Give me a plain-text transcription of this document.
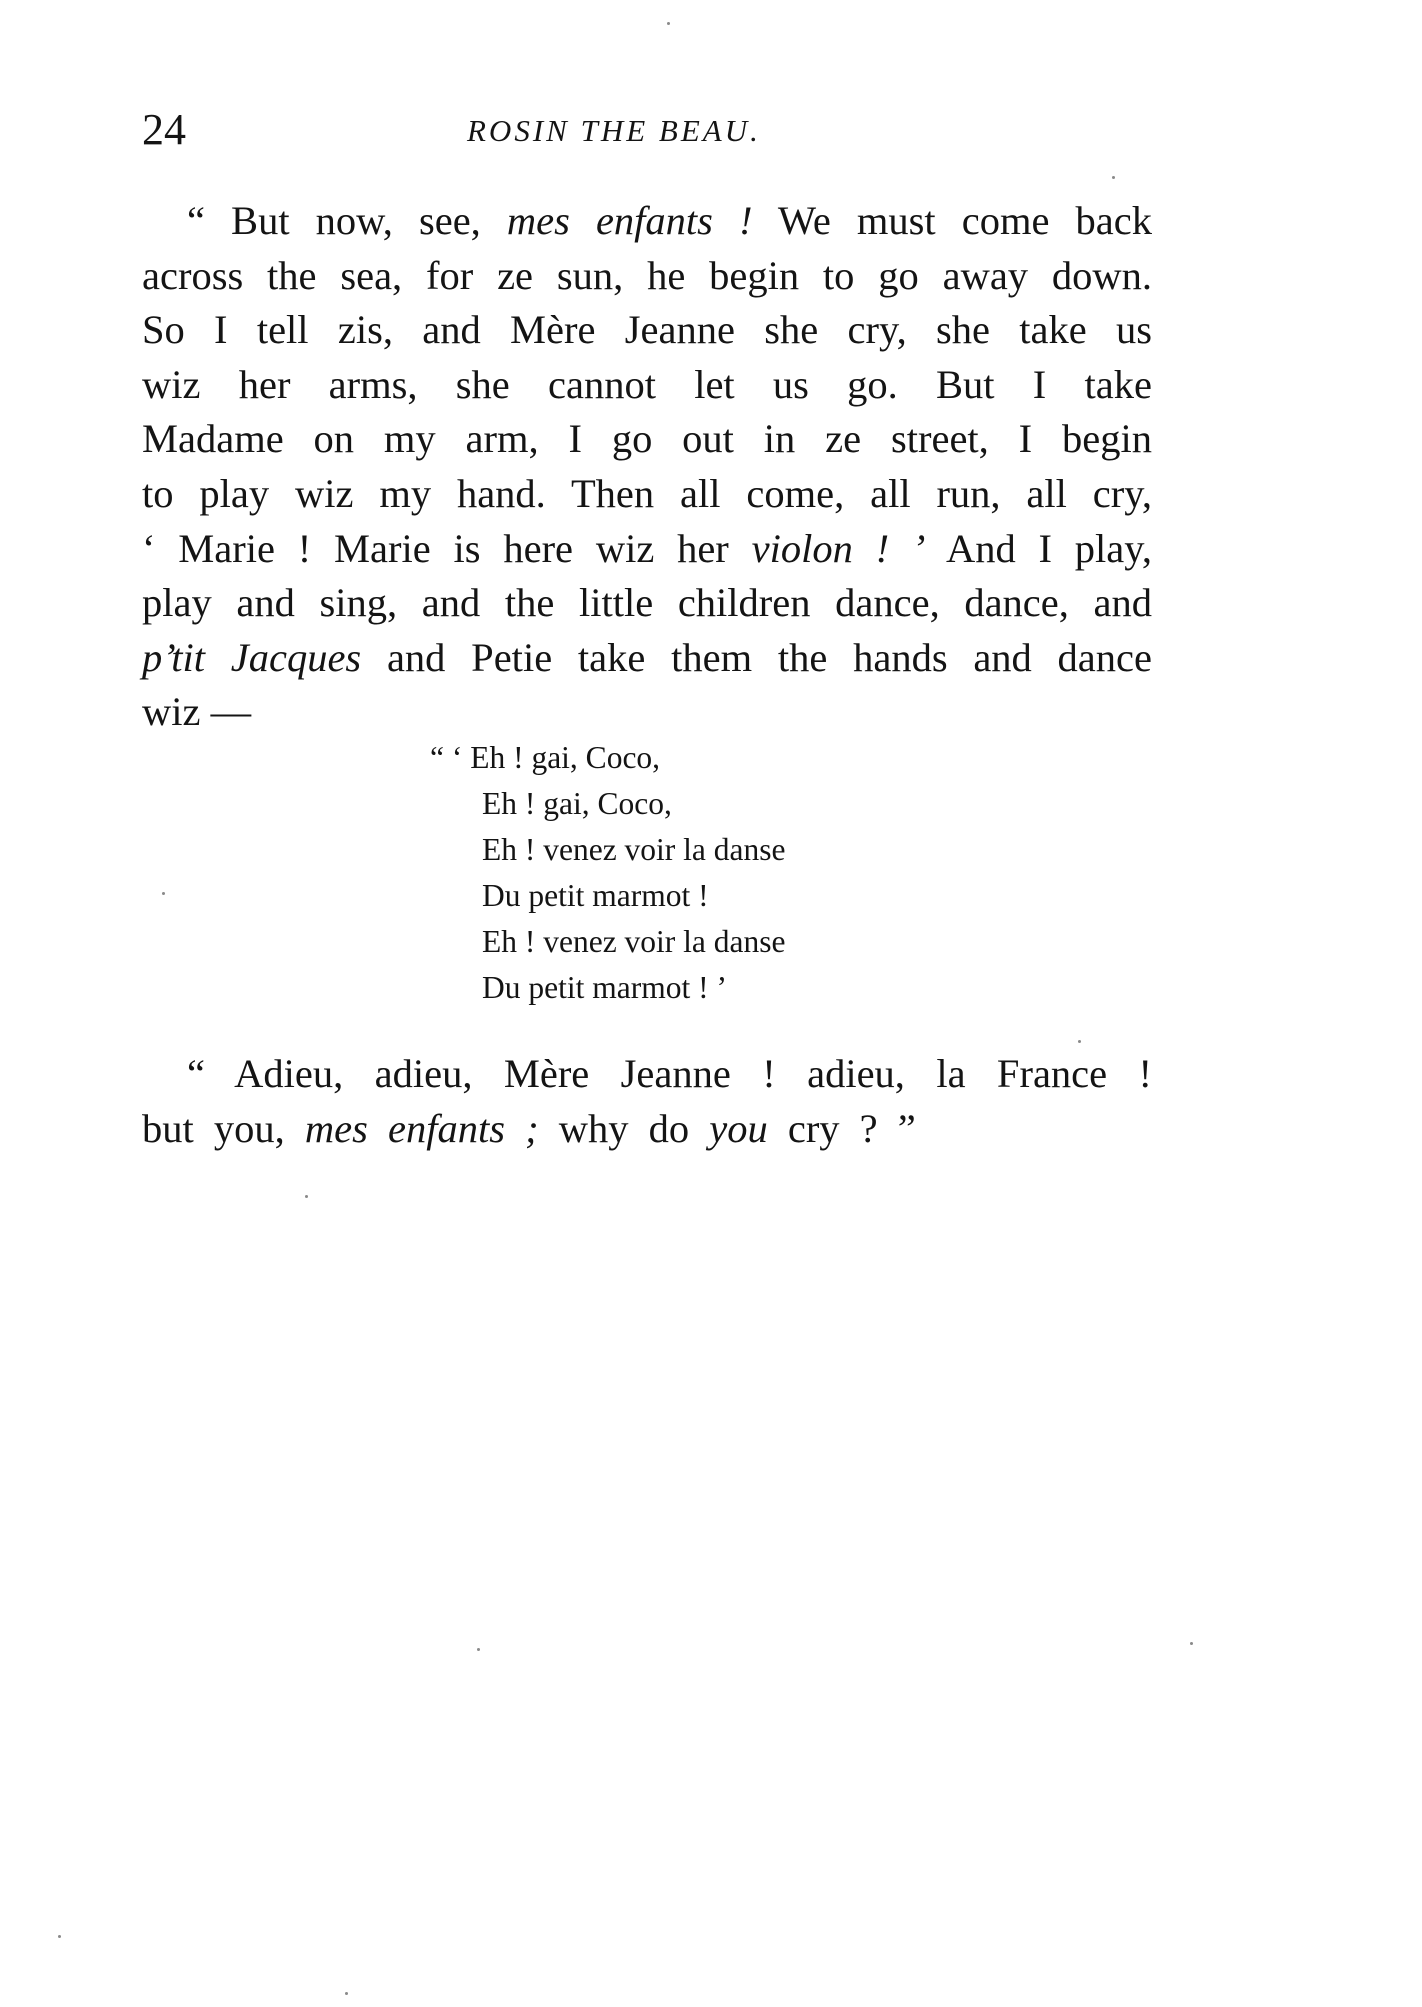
24	ROSIN THE BEAU.
“ But now, see, mes enfants ! We must come back
across the sea, for ze sun, he begin to go away down.
So I tell zis, and Mère Jeanne she cry, she take us
wiz her arms, she cannot let us go. But I take
Madame on my arm, I go out in ze street, I begin
to play wiz my hand. Then all come, all run, all cry,
‘ Marie ! Marie is here wiz her violon ! ’ And I play,
play and sing, and the little children dance, dance, and
p’tit Jacques and Petie take them the hands and dance
wiz —
“ ‘ Eh ! gai, Coco,
Eh ! gai, Coco,
Eh ! venez voir la danse
Du petit marmot !
Eh ! venez voir la danse
Du petit marmot ! ’
“ Adieu, adieu, Mère Jeanne ! adieu, la France !
but you, mes enfants ; why do you cry ? ”
